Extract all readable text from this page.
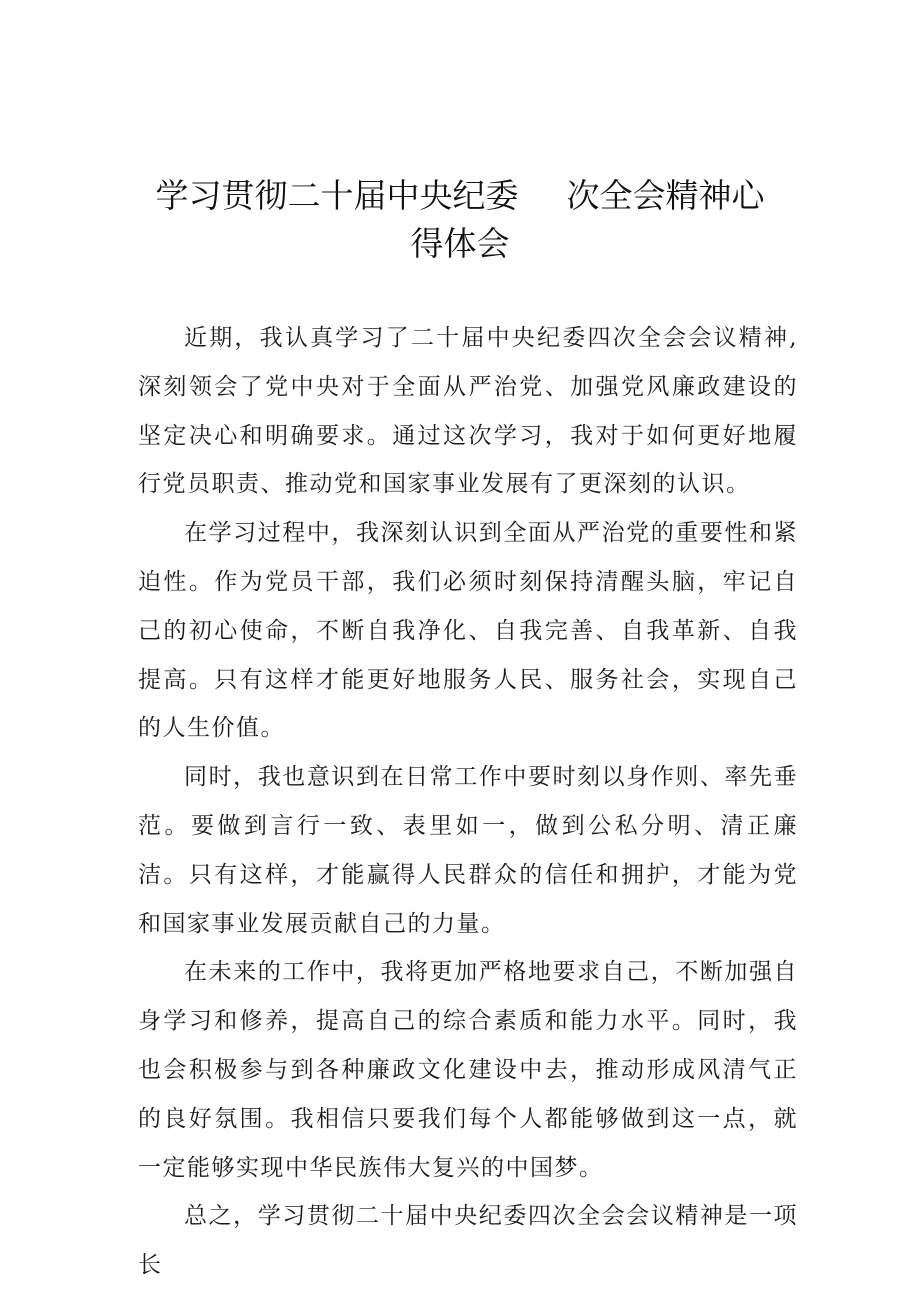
学习贯彻二十届中央纪委 次全会精神心
得体会

近期，我认真学习了二十届中央纪委四次全会会议精神,深刻领会了党中央对于全面从严治党、加强党风廉政建设的坚定决心和明确要求。通过这次学习，我对于如何更好地履行党员职责、推动党和国家事业发展有了更深刻的认识。

在学习过程中，我深刻认识到全面从严治党的重要性和紧迫性。作为党员干部，我们必须时刻保持清醒头脑，牢记自己的初心使命，不断自我净化、自我完善、自我革新、自我提高。只有这样才能更好地服务人民、服务社会，实现自己的人生价值。

同时，我也意识到在日常工作中要时刻以身作则、率先垂范。要做到言行一致、表里如一，做到公私分明、清正廉洁。只有这样，才能赢得人民群众的信任和拥护，才能为党和国家事业发展贡献自己的力量。

在未来的工作中，我将更加严格地要求自己，不断加强自身学习和修养，提高自己的综合素质和能力水平。同时，我也会积极参与到各种廉政文化建设中去，推动形成风清气正的良好氛围。我相信只要我们每个人都能够做到这一点，就一定能够实现中华民族伟大复兴的中国梦。

总之，学习贯彻二十届中央纪委四次全会会议精神是一项长
